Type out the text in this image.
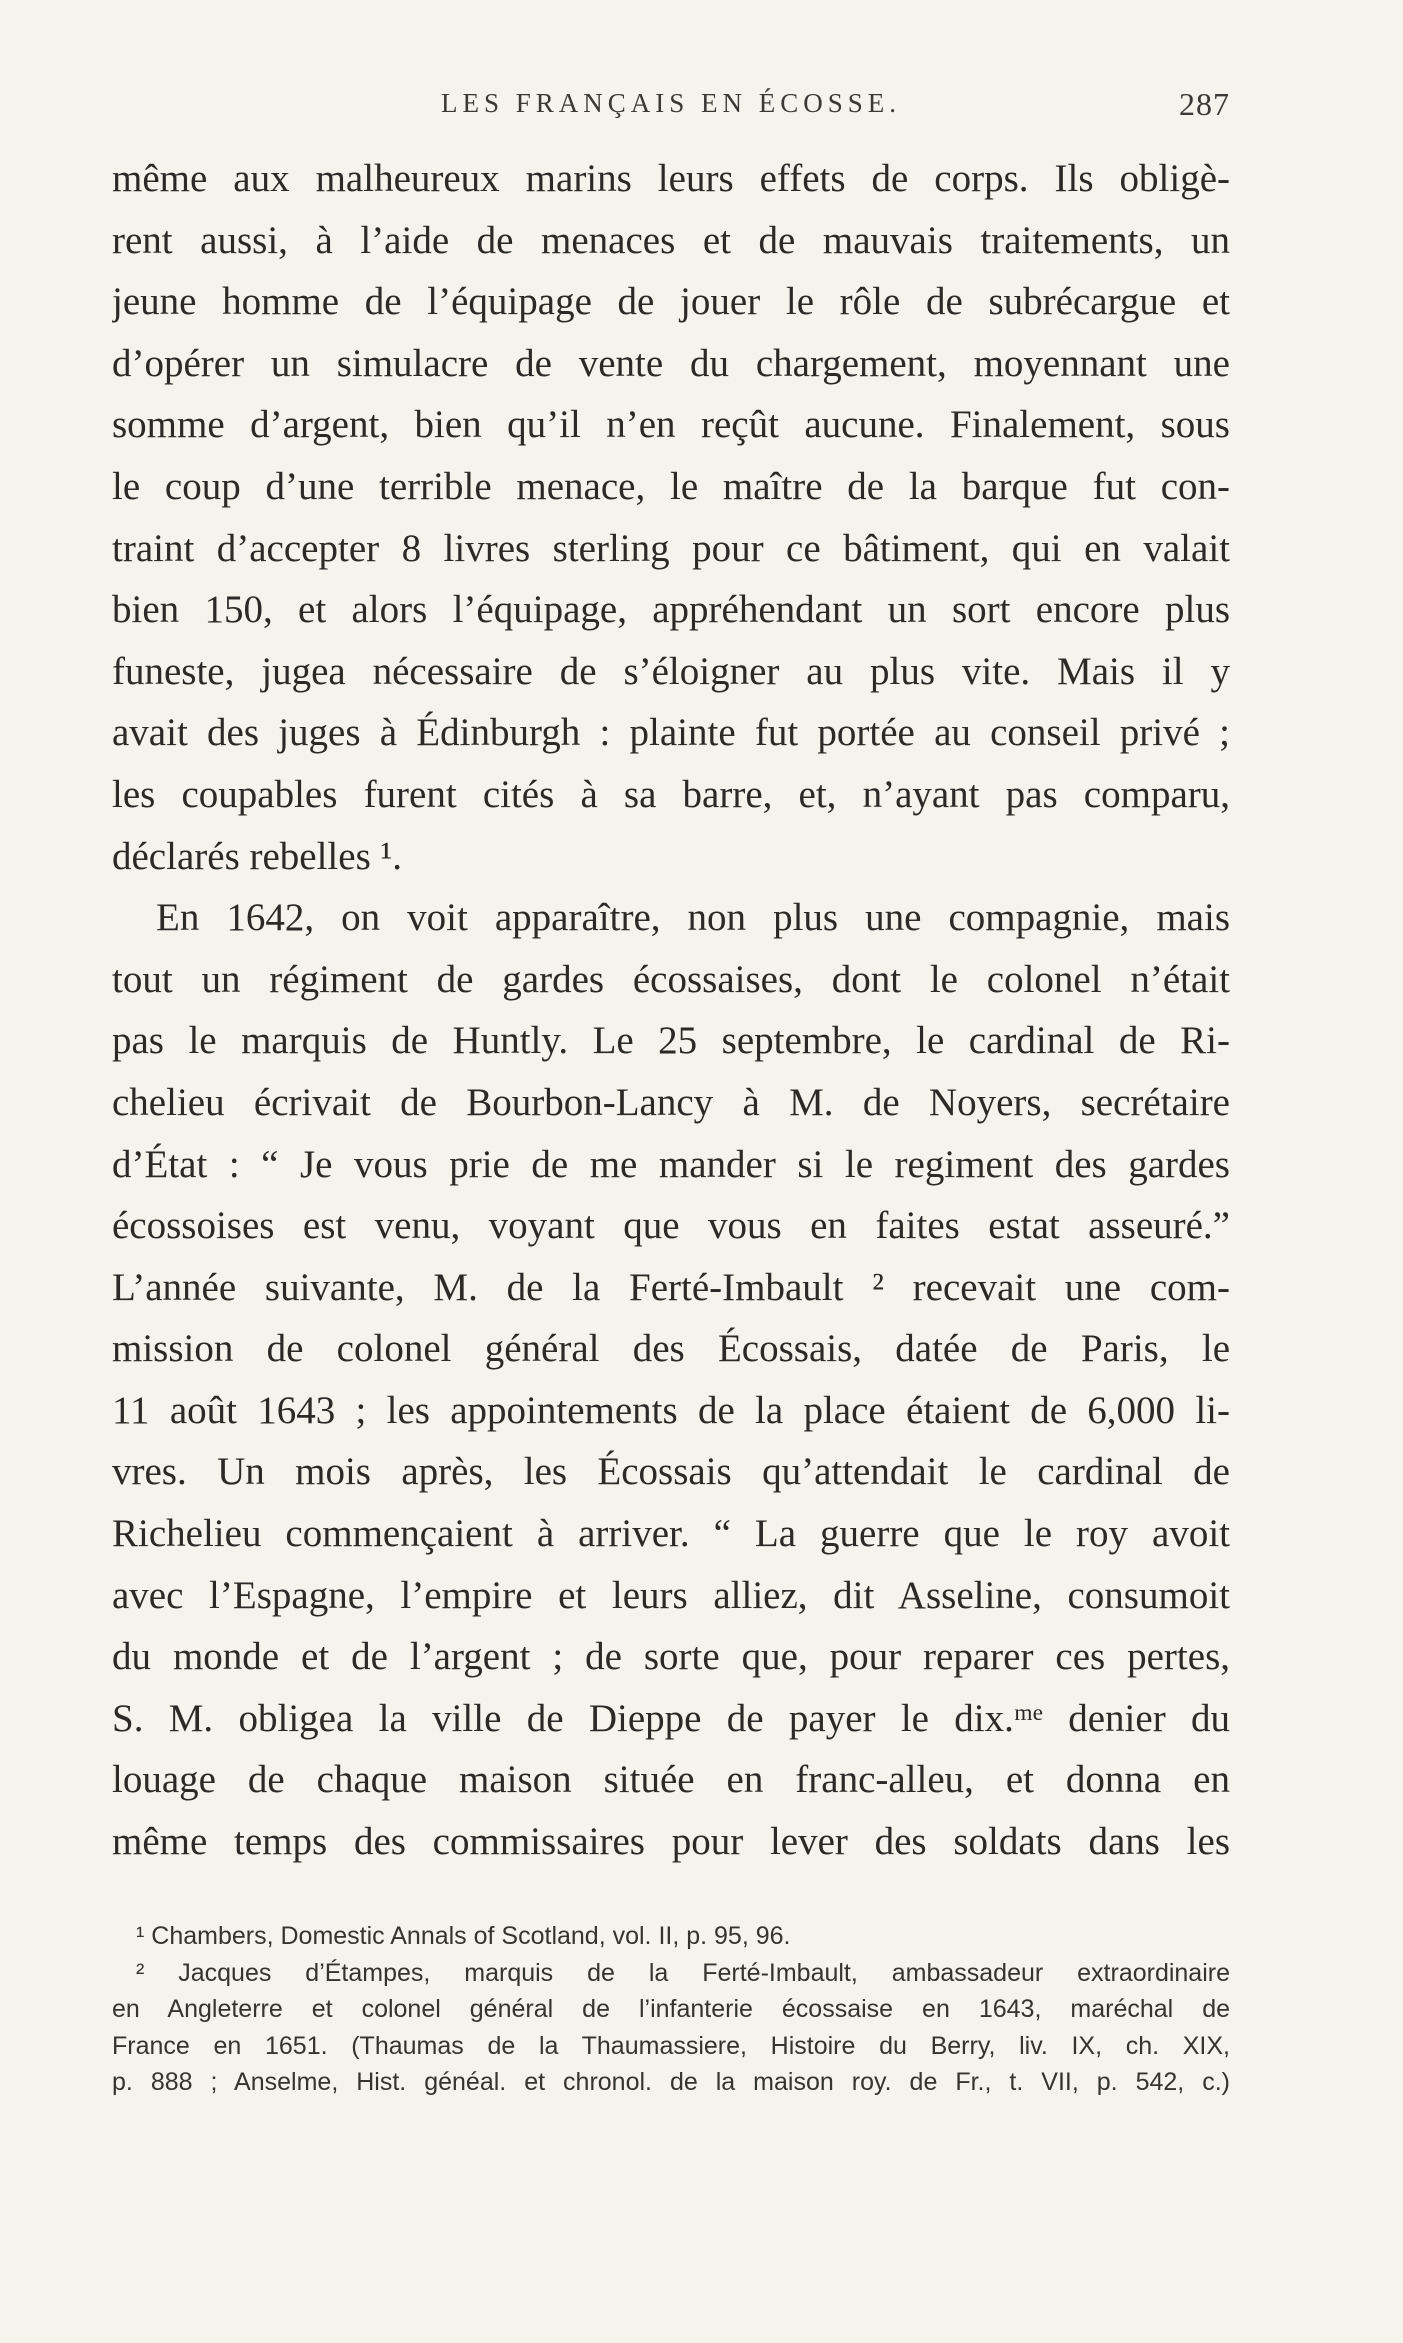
LES FRANÇAIS EN ÉCOSSE.	287
même aux malheureux marins leurs effets de corps. Ils obligè-
rent aussi, à l’aide de menaces et de mauvais traitements, un
jeune homme de l’équipage de jouer le rôle de subrécargue et
d’opérer un simulacre de vente du chargement, moyennant une
somme d’argent, bien qu’il n’en reçût aucune. Finalement, sous
le coup d’une terrible menace, le maître de la barque fut con-
traint d’accepter 8 livres sterling pour ce bâtiment, qui en valait
bien 150, et alors l’équipage, appréhendant un sort encore plus
funeste, jugea nécessaire de s’éloigner au plus vite. Mais il y
avait des juges à Édinburgh : plainte fut portée au conseil privé ;
les coupables furent cités à sa barre, et, n’ayant pas comparu,
déclarés rebelles ¹.
En 1642, on voit apparaître, non plus une compagnie, mais
tout un régiment de gardes écossaises, dont le colonel n’était
pas le marquis de Huntly. Le 25 septembre, le cardinal de Ri-
chelieu écrivait de Bourbon-Lancy à M. de Noyers, secrétaire
d’État : “ Je vous prie de me mander si le regiment des gardes
écossoises est venu, voyant que vous en faites estat asseuré.”
L’année suivante, M. de la Ferté-Imbault ² recevait une com-
mission de colonel général des Écossais, datée de Paris, le
11 août 1643 ; les appointements de la place étaient de 6,000 li-
vres. Un mois après, les Écossais qu’attendait le cardinal de
Richelieu commençaient à arriver. “ La guerre que le roy avoit
avec l’Espagne, l’empire et leurs alliez, dit Asseline, consumoit
du monde et de l’argent ; de sorte que, pour reparer ces pertes,
S. M. obligea la ville de Dieppe de payer le dix.ᵐᵉ denier du
louage de chaque maison située en franc-alleu, et donna en
même temps des commissaires pour lever des soldats dans les
¹ Chambers, Domestic Annals of Scotland, vol. II, p. 95, 96.
² Jacques d’Étampes, marquis de la Ferté-Imbault, ambassadeur extraordinaire
en Angleterre et colonel général de l’infanterie écossaise en 1643, maréchal de
France en 1651. (Thaumas de la Thaumassiere, Histoire du Berry, liv. IX, ch. XIX,
p. 888 ; Anselme, Hist. généal. et chronol. de la maison roy. de Fr., t. VII, p. 542, c.)
